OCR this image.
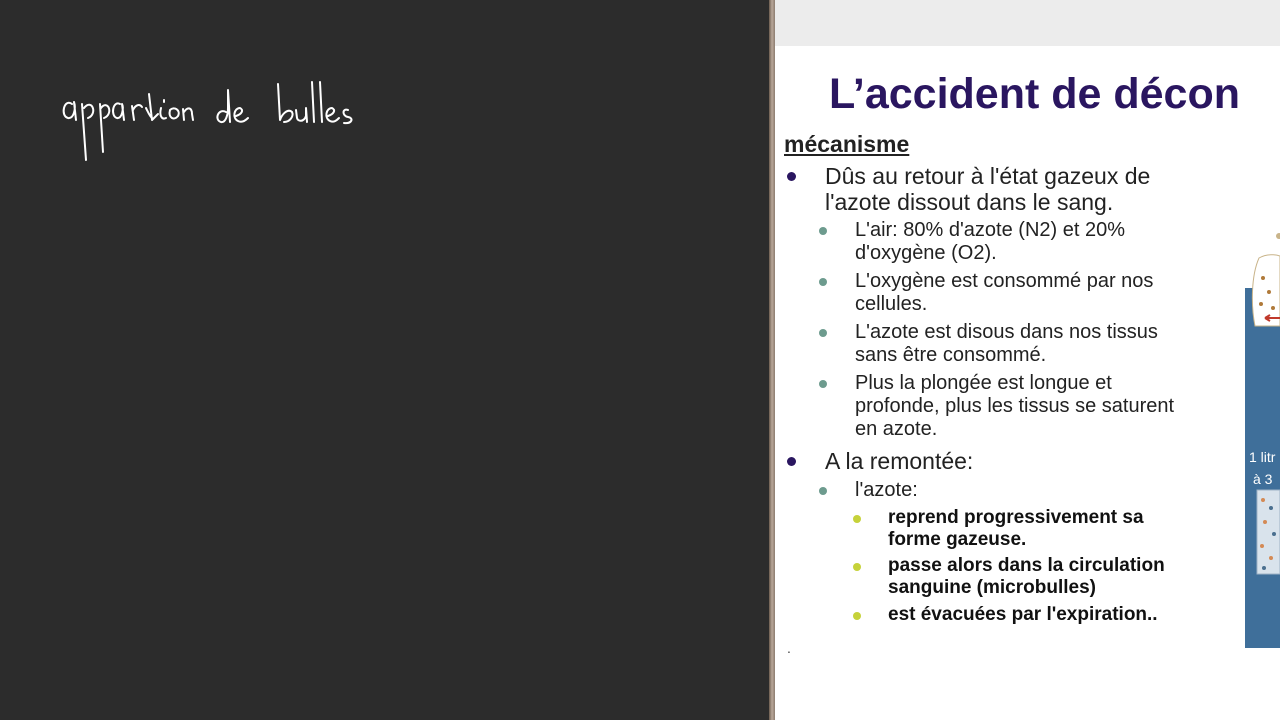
L’accident de décon
mécanisme
Dûs au retour à l'état gazeux de
l'azote dissout dans le sang.
L'air: 80% d'azote (N2) et 20%
d'oxygène (O2).
L'oxygène est consommé par nos
cellules.
L'azote est disous dans nos tissus
sans être consommé.
Plus la plongée est longue et
profonde, plus les tissus se saturent
en azote.
A la remontée:
l'azote:
reprend progressivement sa
forme gazeuse.
passe alors dans la circulation
sanguine (microbulles)
est évacuées par l'expiration..
.
1 litr
à 3
